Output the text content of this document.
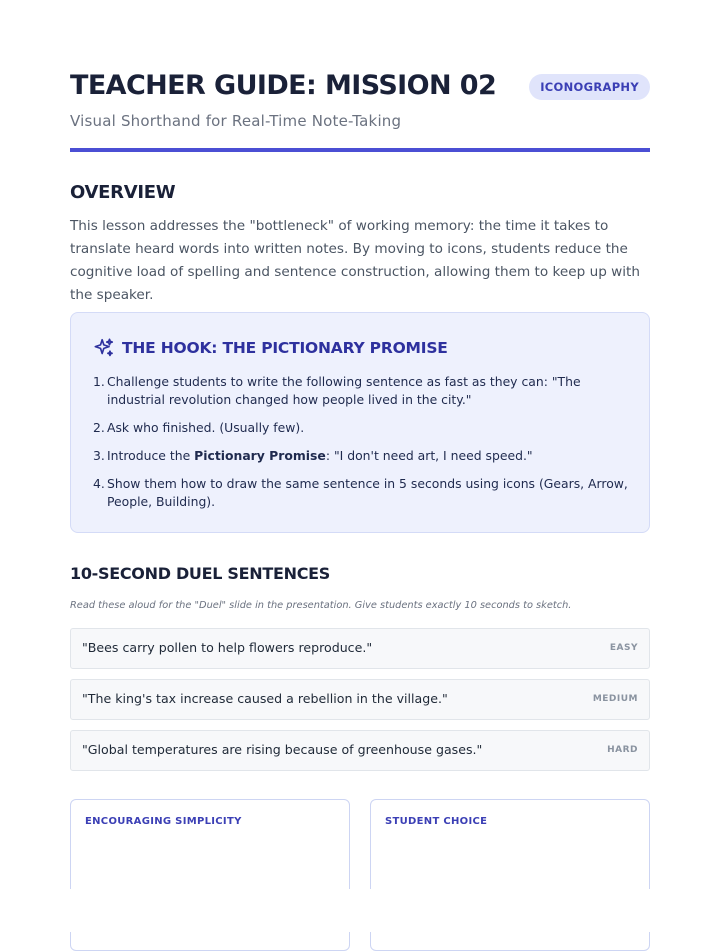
TEACHER GUIDE: MISSION 02
Visual Shorthand for Real-Time Note-Taking
ICONOGRAPHY
OVERVIEW

This lesson addresses the "bottleneck" of working memory: the time it takes to translate heard words into written notes. By moving to icons, students reduce the cognitive load of spelling and sentence construction, allowing them to keep up with the speaker.

THE HOOK: THE PICTIONARY PROMISE
1. Challenge students to write the following sentence as fast as they can: "The industrial revolution changed how people lived in the city."
2. Ask who finished. (Usually few).
3. Introduce the Pictionary Promise: "I don't need art, I need speed."
4. Show them how to draw the same sentence in 5 seconds using icons (Gears, Arrow, People, Building).
10-SECOND DUEL SENTENCES
Read these aloud for the "Duel" slide in the presentation. Give students exactly 10 seconds to sketch.
"Bees carry pollen to help flowers reproduce."	EASY
"The king's tax increase caused a rebellion in the village."	MEDIUM
"Global temperatures are rising because of greenhouse gases."	HARD
ENCOURAGING SIMPLICITY	STUDENT CHOICE
